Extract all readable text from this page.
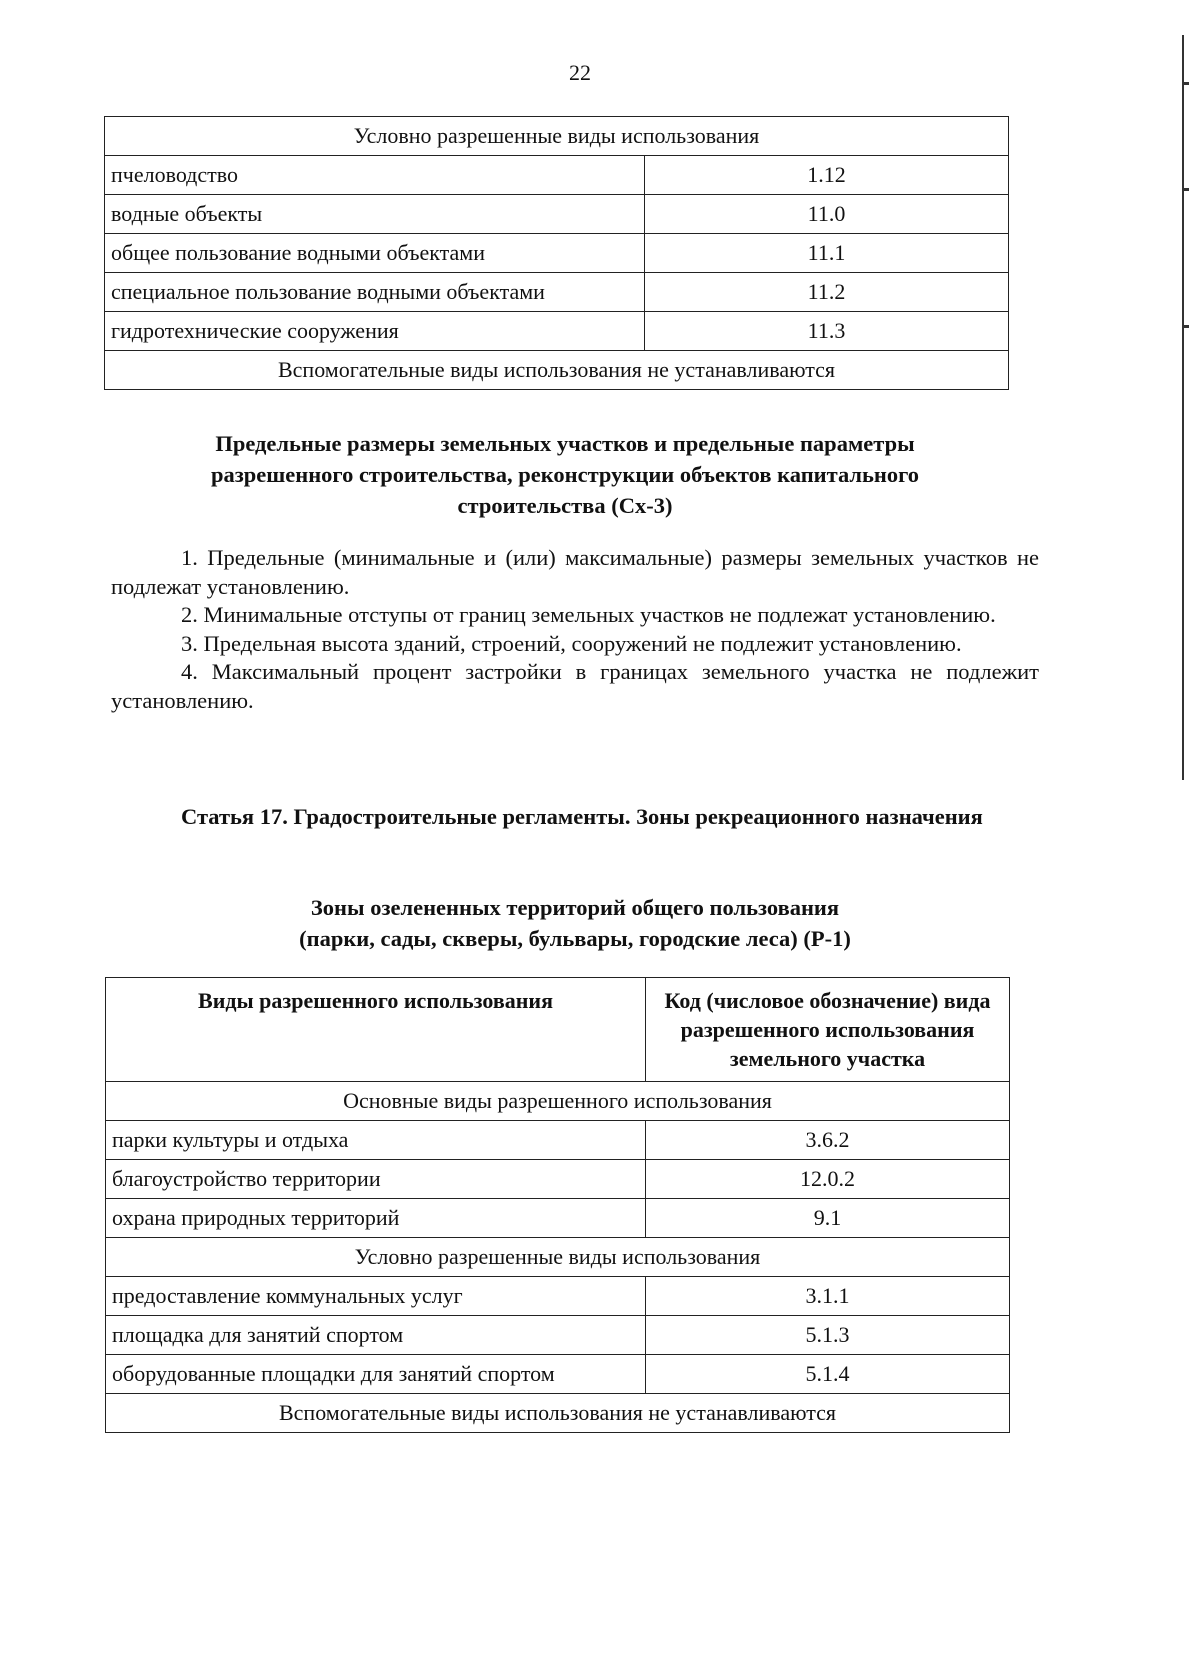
22
Условно разрешенные виды использования	
пчеловодство	1.12
водные объекты	11.0
общее пользование водными объектами	11.1
специальное пользование водными объектами	11.2
гидротехнические сооружения	11.3
Вспомогательные виды использования не устанавливаются	
Предельные размеры земельных участков и предельные параметры разрешенного строительства, реконструкции объектов капитального строительства (Сх-3)

1. Предельные (минимальные и (или) максимальные) размеры земельных участков не подлежат установлению.

2. Минимальные отступы от границ земельных участков не подлежат установлению.

3. Предельная высота зданий, строений, сооружений не подлежит установлению.

4. Максимальный процент застройки в границах земельного участка не подлежит установлению.

Статья 17. Градостроительные регламенты. Зоны рекреационного назначения

Зоны озелененных территорий общего пользования
(парки, сады, скверы, бульвары, городские леса) (Р-1)
Виды разрешенного использования	Код (числовое обозначение) вида разрешенного использования земельного участка
Основные виды разрешенного использования	
парки культуры и отдыха	3.6.2
благоустройство территории	12.0.2
охрана природных территорий	9.1
Условно разрешенные виды использования	
предоставление коммунальных услуг	3.1.1
площадка для занятий спортом	5.1.3
оборудованные площадки для занятий спортом	5.1.4
Вспомогательные виды использования не устанавливаются	
